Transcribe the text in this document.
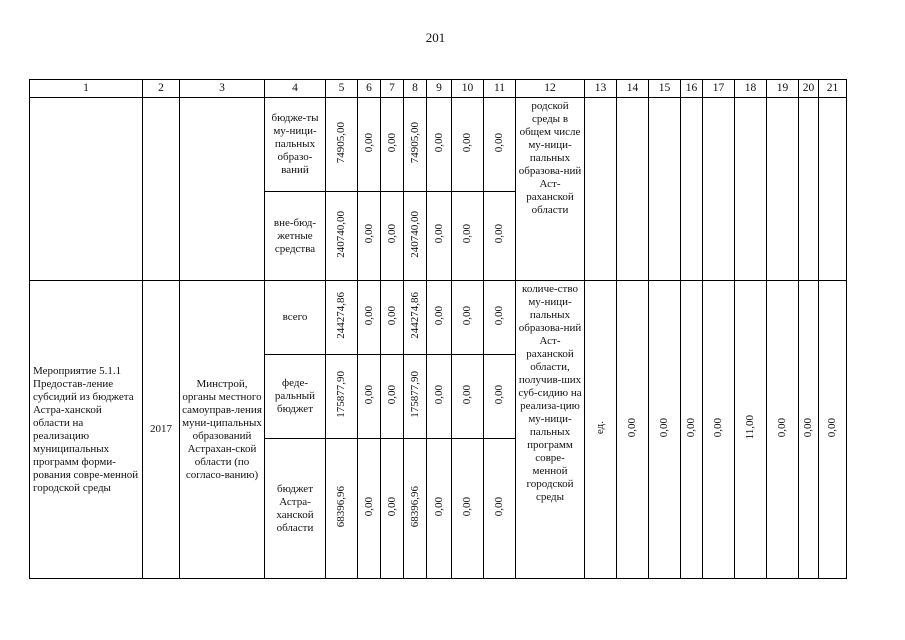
201
1	2	3	4	5	6	7	8	9	10	11	12	13	14	15	16	17	18	19	20	21
			бюдже-ты му-ници-пальных образо-ваний	74905,00	0,00	0,00	74905,00	0,00	0,00	0,00	родской среды в общем числе му-ници-пальных образова-ний Аст-раханской области									

			вне-бюд-жетные средства	240740,00	0,00	0,00	240740,00	0,00	0,00	0,00										
Мероприятие 5.1.1 Предостав-ление субсидий из бюджета Астра-ханской области на реализацию муниципальных программ форми-рования совре-менной городской среды	2017	Минстрой, органы местного самоуправ-ления муни-ципальных образований Астрахан-ской области (по согласо-ванию)	всего	244274,86	0,00	0,00	244274,86	0,00	0,00	0,00	количе-ство му-ници-пальных образова-ний Аст-раханской области, получив-ших суб-сидию на реализа-цию му-ници-пальных программ совре-менной городской среды	ед.	0,00	0,00	0,00	0,00	11,00	0,00	0,00	0,00
			феде-ральный бюджет	175877,90	0,00	0,00	175877,90	0,00	0,00	0,00										
			бюджет Астра-ханской области	68396,96	0,00	0,00	68396,96	0,00	0,00	0,00										
